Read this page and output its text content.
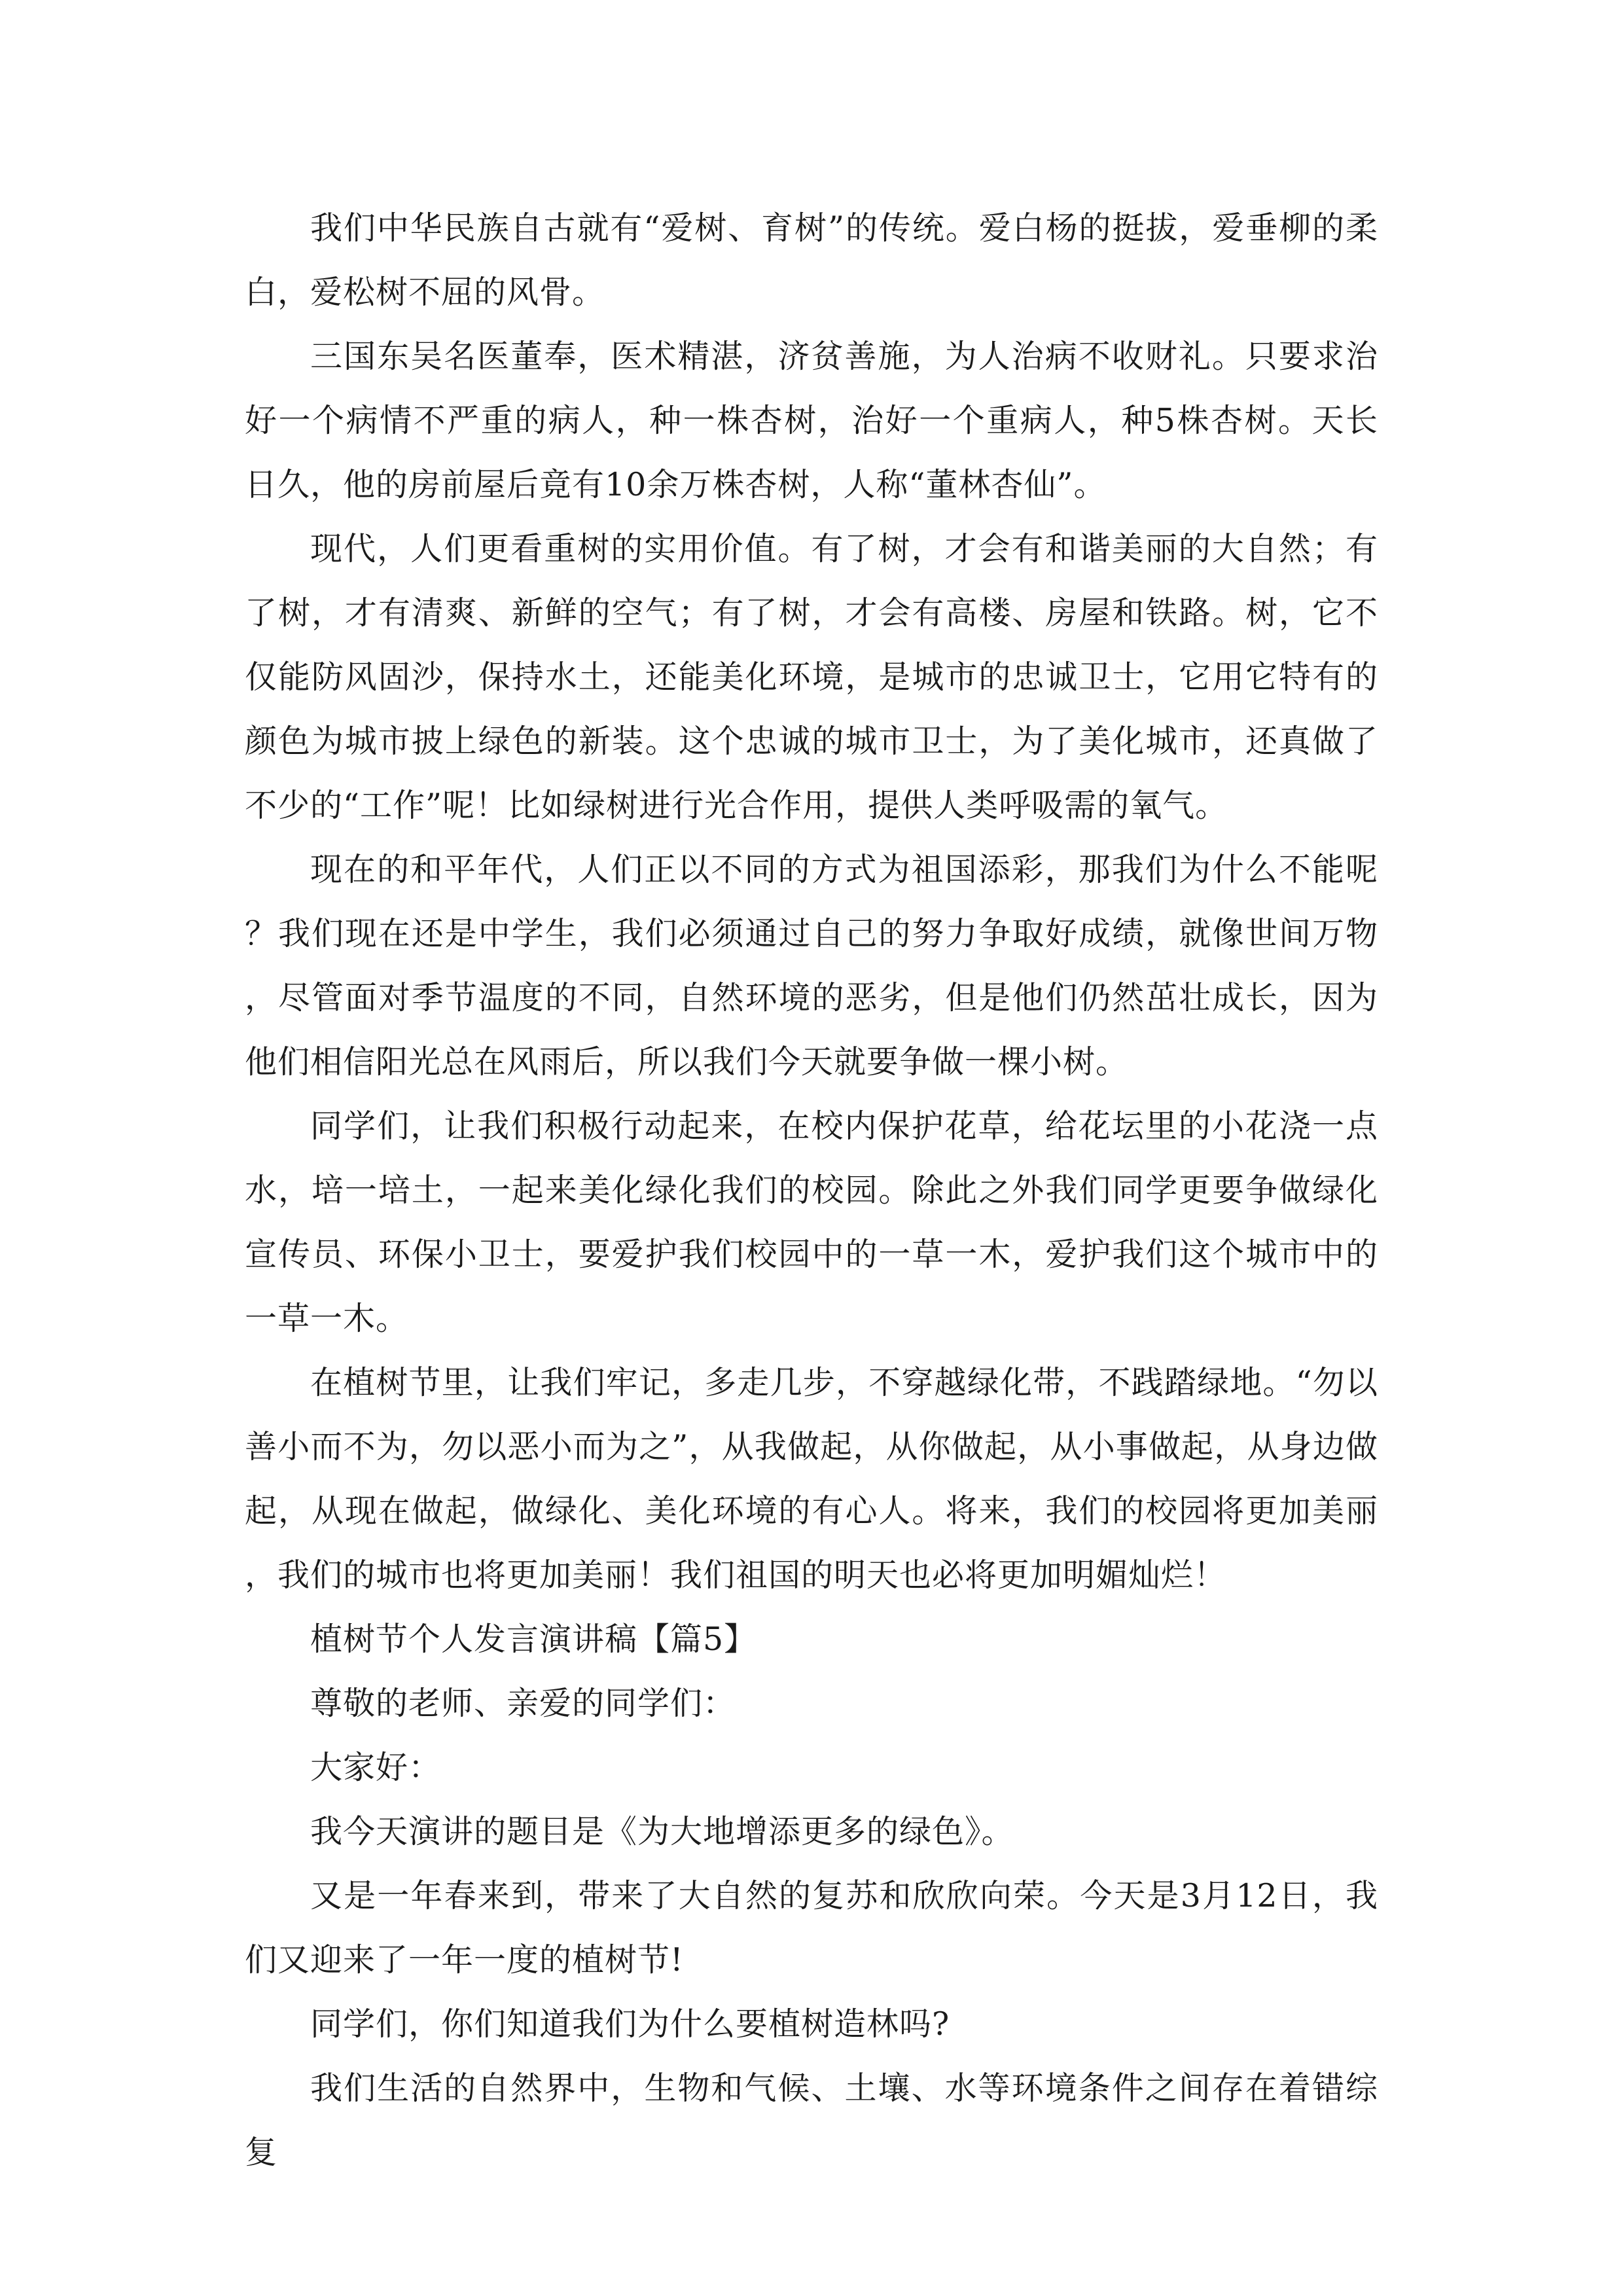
我们中华民族自古就有“爱树、育树”的传统。爱白杨的挺拔，爱垂柳的柔白，爱松树不屈的风骨。

三国东吴名医董奉，医术精湛，济贫善施，为人治病不收财礼。只要求治好一个病情不严重的病人，种一株杏树，治好一个重病人，种5株杏树。天长日久，他的房前屋后竟有10余万株杏树，人称“董林杏仙”。

现代，人们更看重树的实用价值。有了树，才会有和谐美丽的大自然；有了树，才有清爽、新鲜的空气；有了树，才会有高楼、房屋和铁路。树，它不仅能防风固沙，保持水土，还能美化环境，是城市的忠诚卫士，它用它特有的颜色为城市披上绿色的新装。这个忠诚的城市卫士，为了美化城市，还真做了不少的“工作”呢！比如绿树进行光合作用，提供人类呼吸需的氧气。

现在的和平年代，人们正以不同的方式为祖国添彩，那我们为什么不能呢？我们现在还是中学生，我们必须通过自己的努力争取好成绩，就像世间万物，尽管面对季节温度的不同，自然环境的恶劣，但是他们仍然茁壮成长，因为他们相信阳光总在风雨后，所以我们今天就要争做一棵小树。

同学们，让我们积极行动起来，在校内保护花草，给花坛里的小花浇一点水，培一培土，一起来美化绿化我们的校园。除此之外我们同学更要争做绿化宣传员、环保小卫士，要爱护我们校园中的一草一木，爱护我们这个城市中的一草一木。

在植树节里，让我们牢记，多走几步，不穿越绿化带，不践踏绿地。“勿以善小而不为，勿以恶小而为之”，从我做起，从你做起，从小事做起，从身边做起，从现在做起，做绿化、美化环境的有心人。将来，我们的校园将更加美丽，我们的城市也将更加美丽！我们祖国的明天也必将更加明媚灿烂！

植树节个人发言演讲稿【篇5】

尊敬的老师、亲爱的同学们：

大家好：

我今天演讲的题目是《为大地增添更多的绿色》。

又是一年春来到，带来了大自然的复苏和欣欣向荣。今天是3月12日，我们又迎来了一年一度的植树节!

同学们，你们知道我们为什么要植树造林吗?

我们生活的自然界中，生物和气候、土壤、水等环境条件之间存在着错综复
